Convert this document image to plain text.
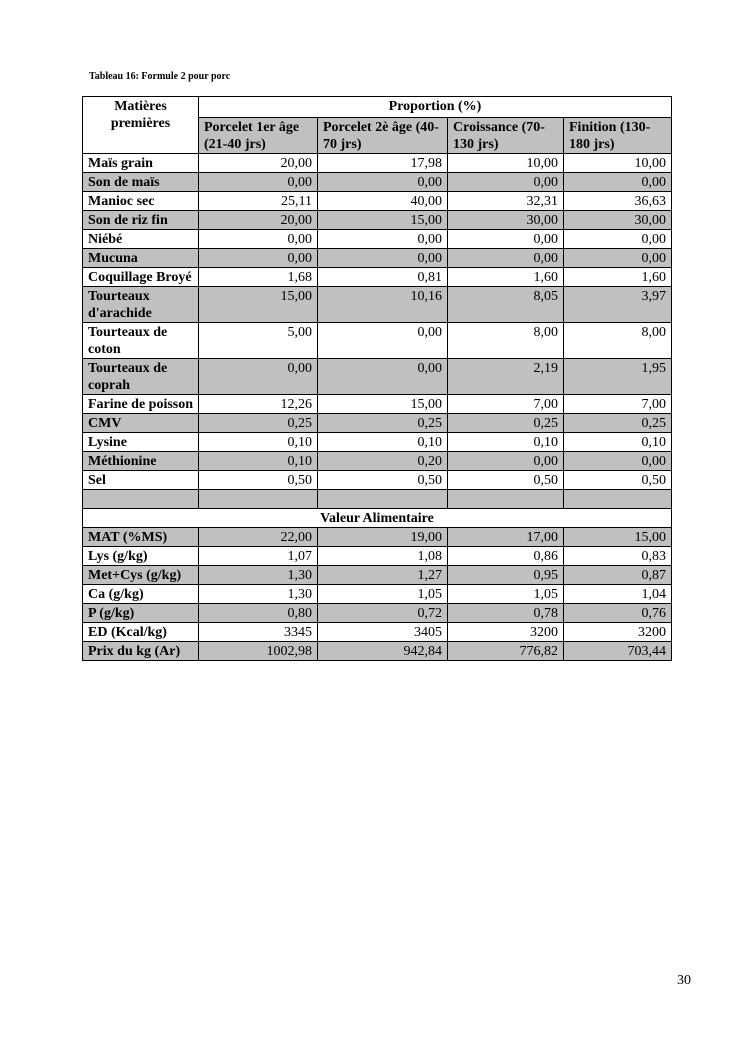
Tableau 16: Formule 2 pour porc
Matières premières	Proportion (%)			
	Porcelet 1er âge (21-40 jrs)	Porcelet 2è âge (40-70 jrs)	Croissance (70-130 jrs)	Finition (130-180 jrs)
Maïs grain	20,00	17,98	10,00	10,00
Son de maïs	0,00	0,00	0,00	0,00
Manioc sec	25,11	40,00	32,31	36,63
Son de riz fin	20,00	15,00	30,00	30,00
Niébé	0,00	0,00	0,00	0,00
Mucuna	0,00	0,00	0,00	0,00
Coquillage Broyé	1,68	0,81	1,60	1,60
Tourteaux d'arachide	15,00	10,16	8,05	3,97
Tourteaux de coton	5,00	0,00	8,00	8,00
Tourteaux de coprah	0,00	0,00	2,19	1,95
Farine de poisson	12,26	15,00	7,00	7,00
CMV	0,25	0,25	0,25	0,25
Lysine	0,10	0,10	0,10	0,10
Méthionine	0,10	0,20	0,00	0,00
Sel	0,50	0,50	0,50	0,50

Valeur Alimentaire				
MAT (%MS)	22,00	19,00	17,00	15,00
Lys (g/kg)	1,07	1,08	0,86	0,83
Met+Cys (g/kg)	1,30	1,27	0,95	0,87
Ca (g/kg)	1,30	1,05	1,05	1,04
P (g/kg)	0,80	0,72	0,78	0,76
ED (Kcal/kg)	3345	3405	3200	3200
Prix du kg (Ar)	1002,98	942,84	776,82	703,44
30
